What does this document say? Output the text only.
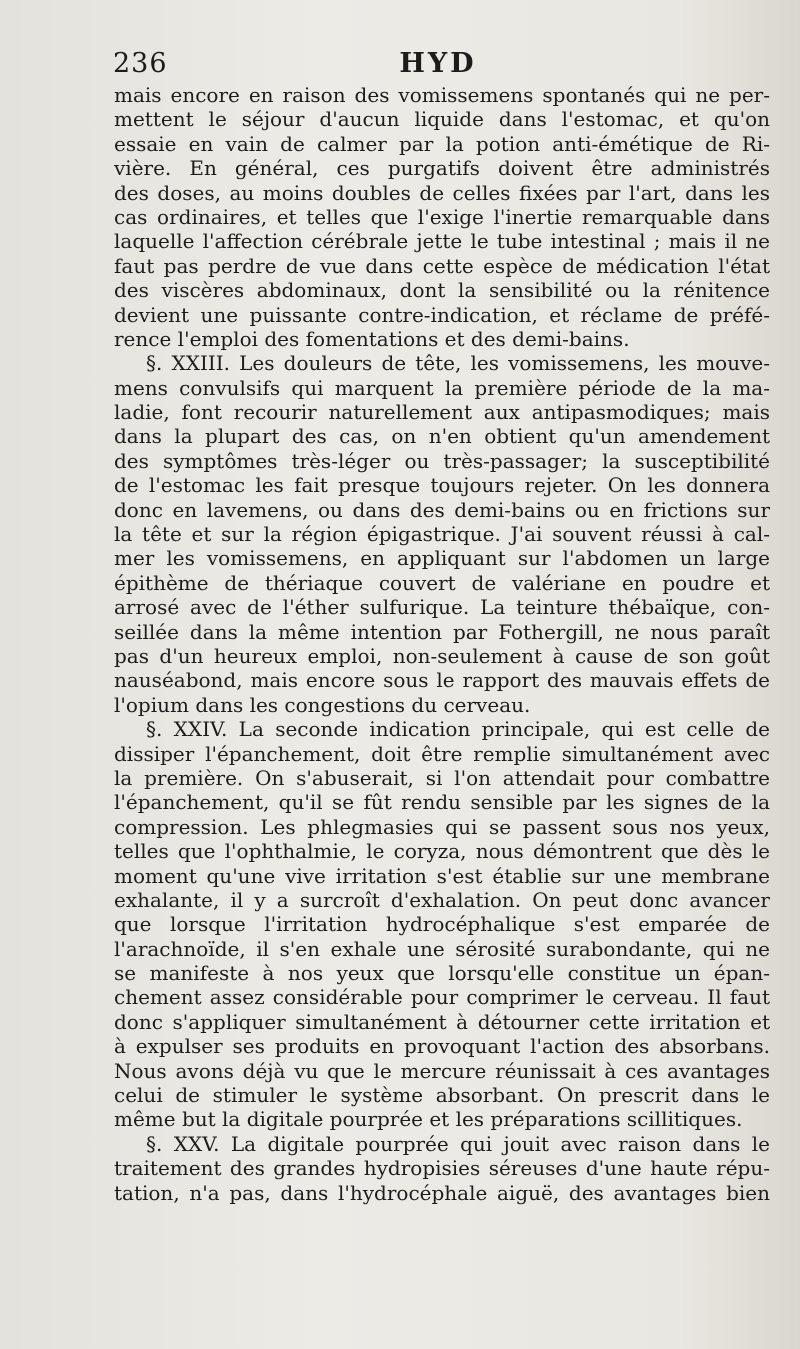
236	HYD
mais encore en raison des vomissemens spontanés qui ne per-
mettent le séjour d'aucun liquide dans l'estomac, et qu'on
essaie en vain de calmer par la potion anti-émétique de Ri-
vière. En général, ces purgatifs doivent être administrés
des doses, au moins doubles de celles fixées par l'art, dans les
cas ordinaires, et telles que l'exige l'inertie remarquable dans
laquelle l'affection cérébrale jette le tube intestinal ; mais il ne
faut pas perdre de vue dans cette espèce de médication l'état
des viscères abdominaux, dont la sensibilité ou la rénitence
devient une puissante contre-indication, et réclame de préfé-
rence l'emploi des fomentations et des demi-bains.
§. XXIII. Les douleurs de tête, les vomissemens, les mouve-
mens convulsifs qui marquent la première période de la ma-
ladie, font recourir naturellement aux antipasmodiques; mais
dans la plupart des cas, on n'en obtient qu'un amendement
des symptômes très-léger ou très-passager; la susceptibilité
de l'estomac les fait presque toujours rejeter. On les donnera
donc en lavemens, ou dans des demi-bains ou en frictions sur
la tête et sur la région épigastrique. J'ai souvent réussi à cal-
mer les vomissemens, en appliquant sur l'abdomen un large
épithème de thériaque couvert de valériane en poudre et
arrosé avec de l'éther sulfurique. La teinture thébaïque, con-
seillée dans la même intention par Fothergill, ne nous paraît
pas d'un heureux emploi, non-seulement à cause de son goût
nauséabond, mais encore sous le rapport des mauvais effets de
l'opium dans les congestions du cerveau.
§. XXIV. La seconde indication principale, qui est celle de
dissiper l'épanchement, doit être remplie simultanément avec
la première. On s'abuserait, si l'on attendait pour combattre
l'épanchement, qu'il se fût rendu sensible par les signes de la
compression. Les phlegmasies qui se passent sous nos yeux,
telles que l'ophthalmie, le coryza, nous démontrent que dès le
moment qu'une vive irritation s'est établie sur une membrane
exhalante, il y a surcroît d'exhalation. On peut donc avancer
que lorsque l'irritation hydrocéphalique s'est emparée de
l'arachnoïde, il s'en exhale une sérosité surabondante, qui ne
se manifeste à nos yeux que lorsqu'elle constitue un épan-
chement assez considérable pour comprimer le cerveau. Il faut
donc s'appliquer simultanément à détourner cette irritation et
à expulser ses produits en provoquant l'action des absorbans.
Nous avons déjà vu que le mercure réunissait à ces avantages
celui de stimuler le système absorbant. On prescrit dans le
même but la digitale pourprée et les préparations scillitiques.
§. XXV. La digitale pourprée qui jouit avec raison dans le
traitement des grandes hydropisies séreuses d'une haute répu-
tation, n'a pas, dans l'hydrocéphale aiguë, des avantages bien
